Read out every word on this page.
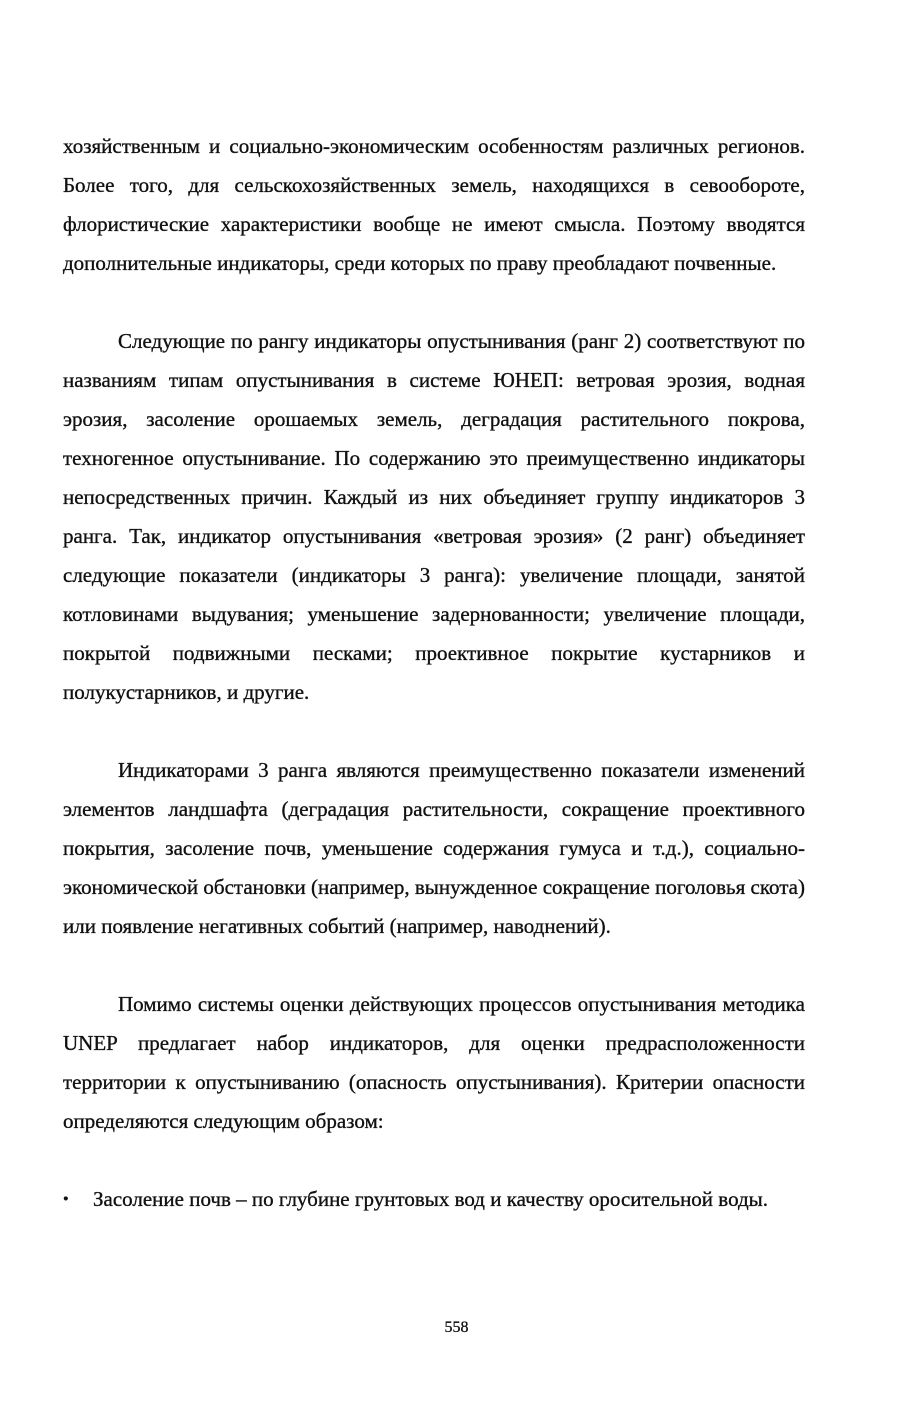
хозяйственным и социально-экономическим особенностям различных регионов. Более того, для сельскохозяйственных земель, находящихся в севообороте, флористические характеристики вообще не имеют смысла. Поэтому вводятся дополнительные индикаторы, среди которых по праву преобладают почвенные.

Следующие по рангу индикаторы опустынивания (ранг 2) соответствуют по названиям типам опустынивания в системе ЮНЕП: ветровая эрозия, водная эрозия, засоление орошаемых земель, деградация растительного покрова, техногенное опустынивание. По содержанию это преимущественно индикаторы непосредственных причин. Каждый из них объединяет группу индикаторов 3 ранга. Так, индикатор опустынивания «ветровая эрозия» (2 ранг) объединяет следующие показатели (индикаторы 3 ранга): увеличение площади, занятой котловинами выдувания; уменьшение задернованности; увеличение площади, покрытой подвижными песками; проективное покрытие кустарников и полукустарников, и другие.

Индикаторами 3 ранга являются преимущественно показатели изменений элементов ландшафта (деградация растительности, сокращение проективного покрытия, засоление почв, уменьшение содержания гумуса и т.д.), социально-экономической обстановки (например, вынужденное сокращение поголовья скота) или появление негативных событий (например, наводнений).

Помимо системы оценки действующих процессов опустынивания методика UNEP предлагает набор индикаторов, для оценки предрасположенности территории к опустыниванию (опасность опустынивания). Критерии опасности определяются следующим образом:

•	Засоление почв – по глубине грунтовых вод и качеству оросительной воды.
558
